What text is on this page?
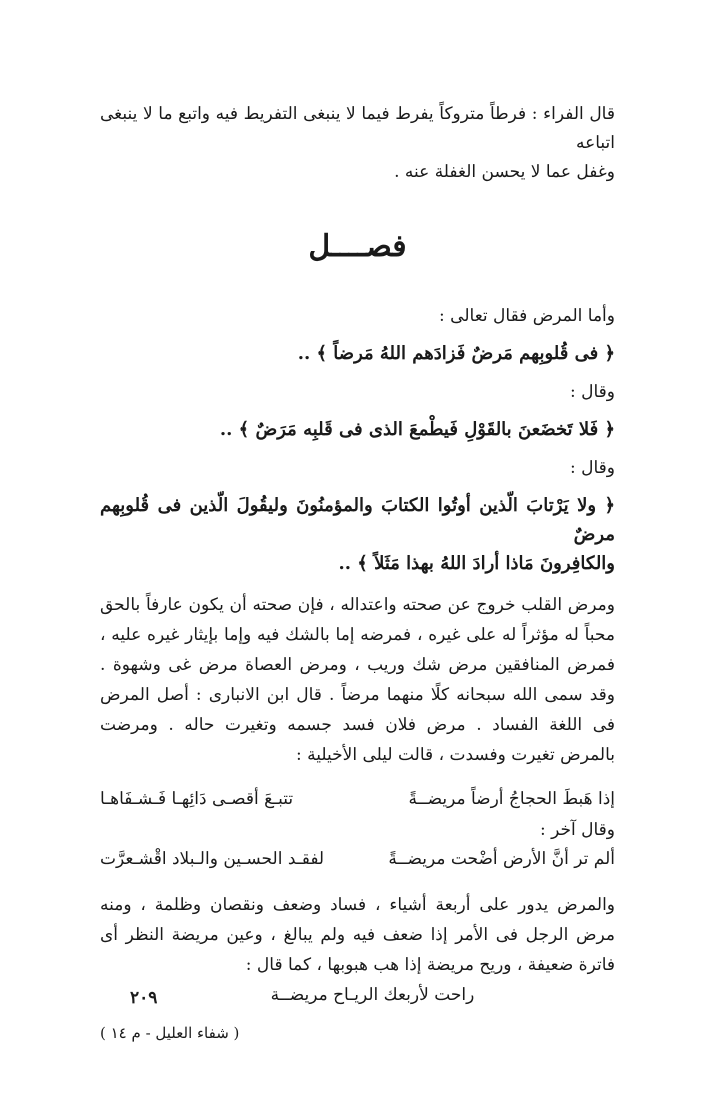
قال الفراء : فرطاً متروكاً يفرط فيما لا ينبغى التفريط فيه واتبع ما لا ينبغى اتباعه
وغفل عما لا يحسن الغفلة عنه .

فصــــل

وأما المرض فقال تعالى :

﴿ فى قُلوبِهم مَرضٌ فَزادَهم اللهُ مَرضاً ﴾ ..

وقال :

﴿ فَلا تَخضَعنَ بالقَوْلِ فَيطْمعَ الذى فى قَلبِه مَرَضٌ ﴾ ..

وقال :

﴿ ولا يَرْتابَ الّذين أوتُوا الكتابَ والمؤمنُونَ وليقُولَ الّذين فى قُلوبِهم مرضٌ
والكافِرونَ مَاذا أرادَ اللهُ بهذا مَثَلاً ﴾ ..

ومرض القلب خروج عن صحته واعتداله ، فإن صحته أن يكون عارفاً بالحق محباً له مؤثراً له على غيره ، فمرضه إما بالشك فيه وإما بإيثار غيره عليه ، فمرض المنافقين مرض شك وريب ، ومرض العصاة مرض غى وشهوة . وقد سمى الله سبحانه كلًا منهما مرضاً . قال ابن الانبارى : أصل المرض فى اللغة الفساد . مرض فلان فسد جسمه وتغيرت حاله . ومرضت بالمرض تغيرت وفسدت ، قالت ليلى الأخيلية :

إذا هَبطَ الحجاجُ أرضاً مريضــةً
تتبـعَ أقصـى دَائِهـا فَـشـفَاهـا

وقال آخر :

ألم تر أنَّ الأرض أضْحت مريضــةً
لفقـد الحسـين والـبلاد اقْشـعرَّت

والمرض يدور على أربعة أشياء ، فساد وضعف ونقصان وظلمة ، ومنه مرض الرجل فى الأمر إذا ضعف فيه ولم يبالغ ، وعين مريضة النظر أى فاترة ضعيفة ، وريح مريضة إذا هب هبوبها ، كما قال :

راحت لأربعك الريـاح مريضــة

٢٠٩
( شفاء العليل - م ١٤ )
